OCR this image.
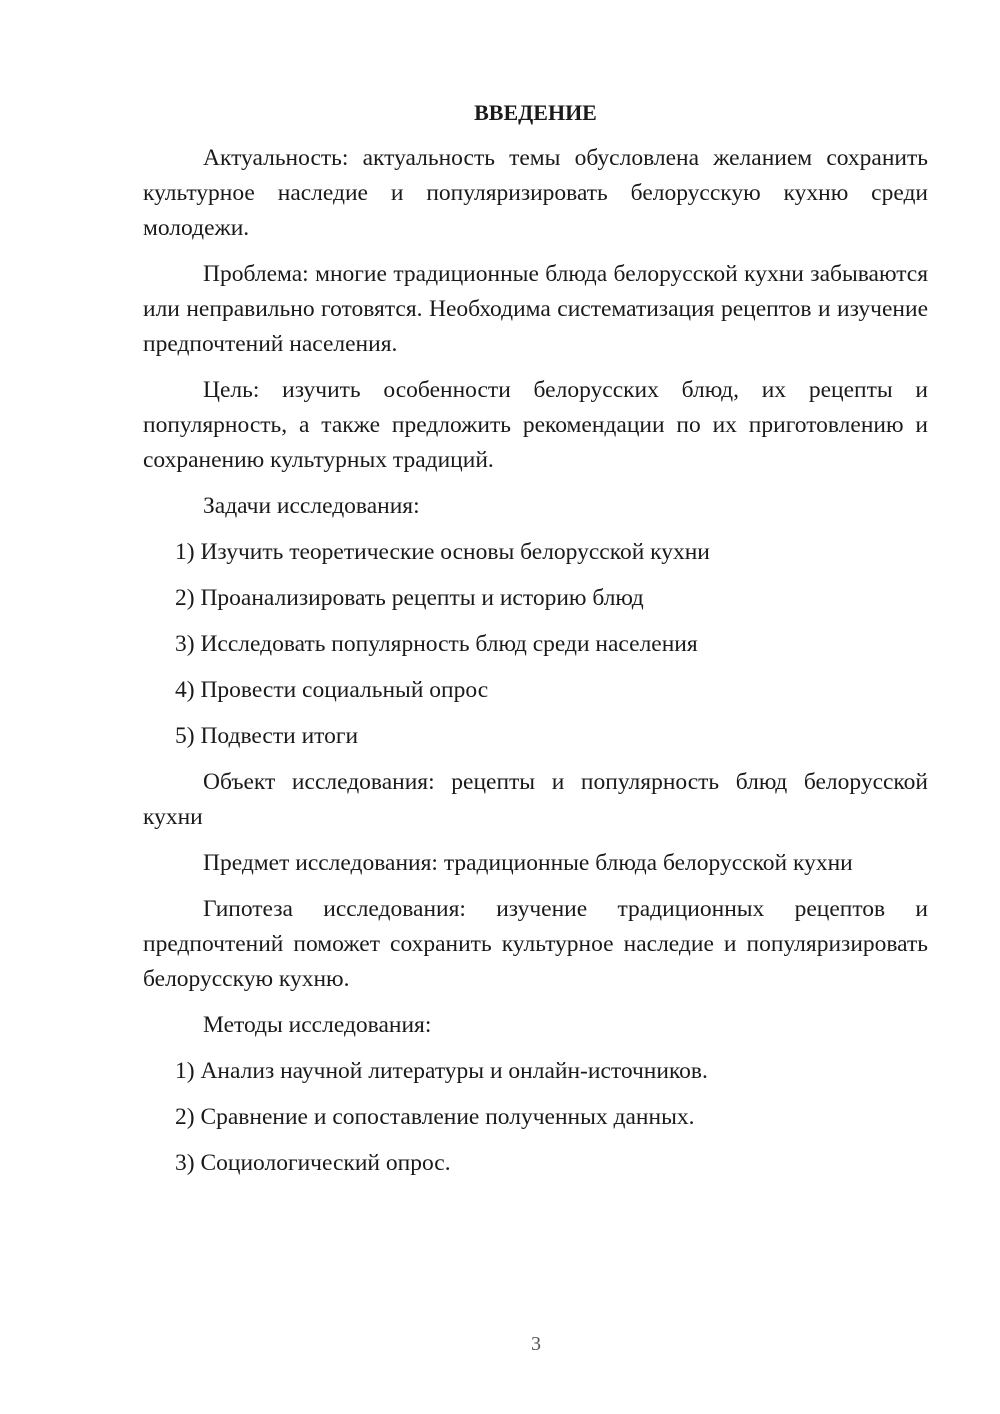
ВВЕДЕНИЕ
Актуальность: актуальность темы обусловлена желанием сохранить культурное наследие и популяризировать белорусскую кухню среди молодежи.
Проблема: многие традиционные блюда белорусской кухни забываются или неправильно готовятся. Необходима систематизация рецептов и изучение предпочтений населения.
Цель: изучить особенности белорусских блюд, их рецепты и популярность, а также предложить рекомендации по их приготовлению и сохранению культурных традиций.
Задачи исследования:
1) Изучить теоретические основы белорусской кухни
2) Проанализировать рецепты и историю блюд
3) Исследовать популярность блюд среди населения
4) Провести социальный опрос
5) Подвести итоги
Объект исследования: рецепты и популярность блюд белорусской кухни
Предмет исследования: традиционные блюда белорусской кухни
Гипотеза исследования: изучение традиционных рецептов и предпочтений поможет сохранить культурное наследие и популяризировать белорусскую кухню.
Методы исследования:
1) Анализ научной литературы и онлайн-источников.
2) Сравнение и сопоставление полученных данных.
3) Социологический опрос.
3
